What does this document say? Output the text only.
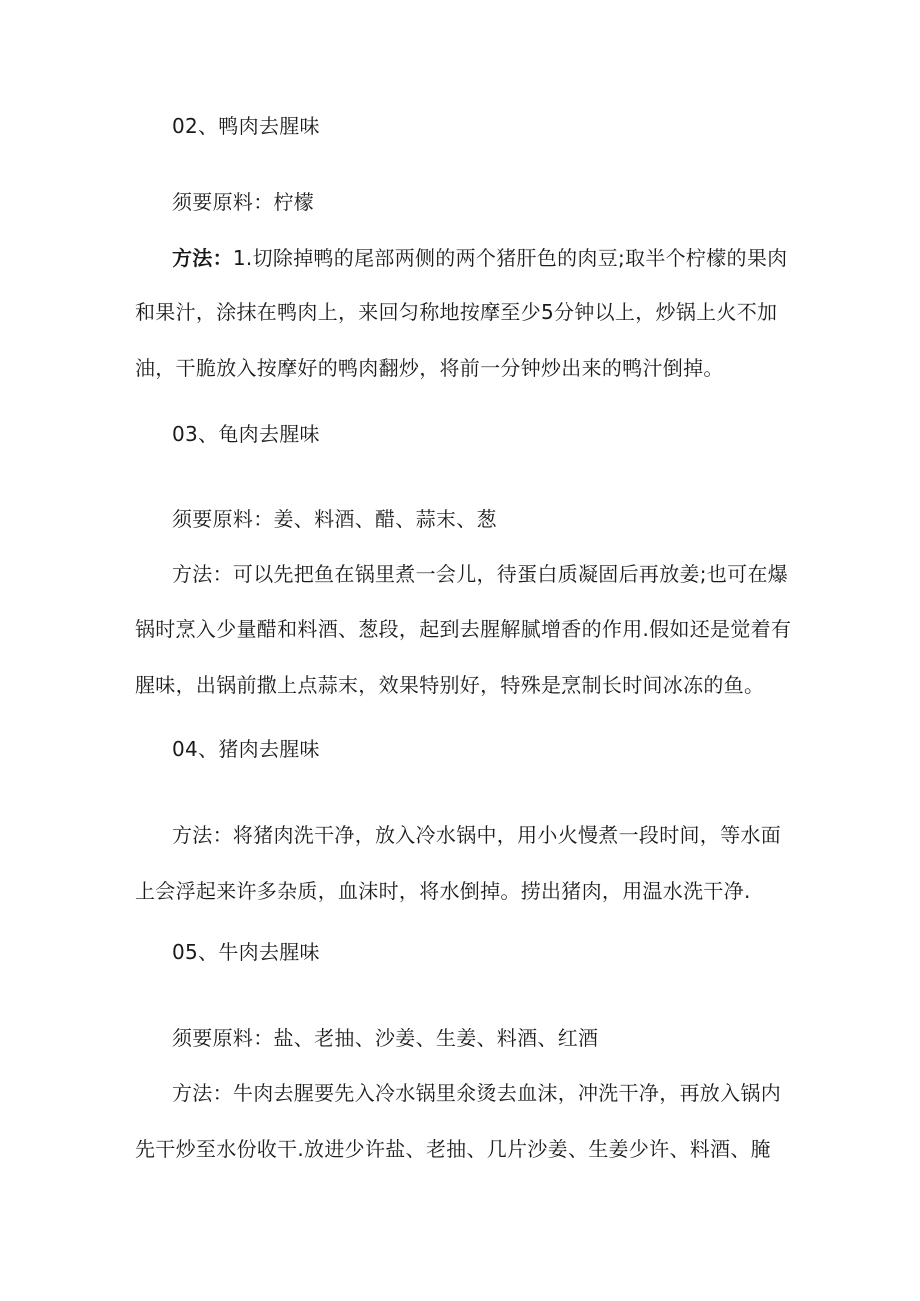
02、鸭肉去腥味
须要原料：柠檬
方法：1.切除掉鸭的尾部两侧的两个猪肝色的肉豆;取半个柠檬的果肉
和果汁，涂抹在鸭肉上，来回匀称地按摩至少5分钟以上，炒锅上火不加
油，干脆放入按摩好的鸭肉翻炒，将前一分钟炒出来的鸭汁倒掉。
03、龟肉去腥味
须要原料：姜、料酒、醋、蒜末、葱
方法：可以先把鱼在锅里煮一会儿，待蛋白质凝固后再放姜;也可在爆
锅时烹入少量醋和料酒、葱段，起到去腥解腻增香的作用.假如还是觉着有
腥味，出锅前撒上点蒜末，效果特别好，特殊是烹制长时间冰冻的鱼。
04、猪肉去腥味
方法：将猪肉洗干净，放入冷水锅中，用小火慢煮一段时间，等水面
上会浮起来许多杂质，血沫时，将水倒掉。捞出猪肉，用温水洗干净.
05、牛肉去腥味
须要原料：盐、老抽、沙姜、生姜、料酒、红酒
方法：牛肉去腥要先入冷水锅里氽烫去血沫，冲洗干净，再放入锅内
先干炒至水份收干.放进少许盐、老抽、几片沙姜、生姜少许、料酒、腌
